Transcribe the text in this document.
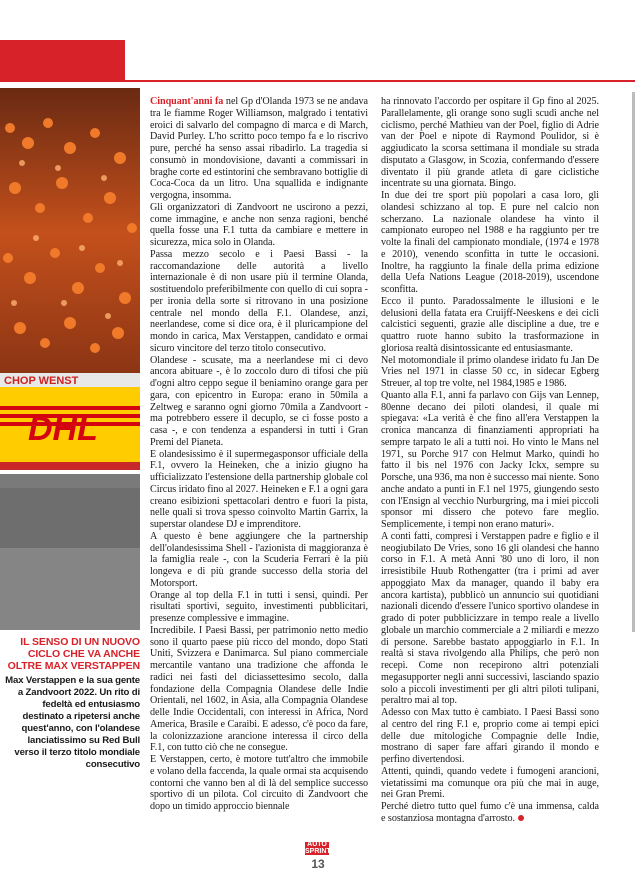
CHOP WENST
DHL
IL SENSO DI UN NUOVO CICLO CHE VA ANCHE OLTRE MAX VERSTAPPEN
Max Verstappen e la sua gente a Zandvoort 2022. Un rito di fedeltà ed entusiasmo destinato a ripetersi anche quest'anno, con l'olandese lanciatissimo su Red Bull verso il terzo titolo mondiale consecutivo

Cinquant'anni fa nel Gp d'Olanda 1973 se ne andava tra le fiamme Roger Williamson, malgrado i tentativi eroici di salvarlo del compagno di marca e di March, David Purley. L'ho scritto poco tempo fa e lo riscrivo pure, perché ha senso assai ribadirlo. La tragedia si consumò in mondovisione, davanti a commissari in braghe corte ed estintorini che sembravano bottiglie di Coca-Coca da un litro. Una squallida e indignante vergogna, insomma.

Gli organizzatori di Zandvoort ne uscirono a pezzi, come immagine, e anche non senza ragioni, benché quella fosse una F.1 tutta da cambiare e mettere in sicurezza, mica solo in Olanda.

Passa mezzo secolo e i Paesi Bassi - la raccomandazione delle autorità a livello internazionale è di non usare più il termine Olanda, sostituendolo preferibilmente con quello di cui sopra - per ironia della sorte si ritrovano in una posizione centrale nel mondo della F.1. Olandese, anzi, neerlandese, come si dice ora, è il pluricampione del mondo in carica, Max Verstappen, candidato e ormai sicuro vincitore del terzo titolo consecutivo.

Olandese - scusate, ma a neerlandese mi ci devo ancora abituare -, è lo zoccolo duro di tifosi che più d'ogni altro ceppo segue il beniamino orange gara per gara, con epicentro in Europa: erano in 50mila a Zeltweg e saranno ogni giorno 70mila a Zandvoort - ma potrebbero essere il decuplo, se ci fosse posto a casa -, e con tendenza a espandersi in tutti i Gran Premi del Pianeta.

E olandesissimo è il supermegasponsor ufficiale della F.1, ovvero la Heineken, che a inizio giugno ha ufficializzato l'estensione della partnership globale col Circus iridato fino al 2027. Heineken e F.1 a ogni gara creano esibizioni spettacolari dentro e fuori la pista, nelle quali si trova spesso coinvolto Martin Garrix, la superstar olandese DJ e imprenditore.

A questo è bene aggiungere che la partnership dell'olandesissima Shell - l'azionista di maggioranza è la famiglia reale -, con la Scuderia Ferrari è la più longeva e di più grande successo della storia del Motorsport.

Orange al top della F.1 in tutti i sensi, quindi. Per risultati sportivi, seguito, investimenti pubblicitari, presenze complessive e immagine.

Incredibile. I Paesi Bassi, per patrimonio netto medio sono il quarto paese più ricco del mondo, dopo Stati Uniti, Svizzera e Danimarca. Sul piano commerciale mercantile vantano una tradizione che affonda le radici nei fasti del diciassettesimo secolo, dalla fondazione della Compagnia Olandese delle Indie Orientali, nel 1602, in Asia, alla Compagnia Olandese delle Indie Occidentali, con interessi in Africa, Nord America, Brasile e Caraibi. E adesso, c'è poco da fare, la colonizzazione arancione interessa il circo della F.1, con tutto ciò che ne consegue.

E Verstappen, certo, è motore tutt'altro che immobile e volano della faccenda, la quale ormai sta acquisendo contorni che vanno ben al di là del semplice successo sportivo di un pilota. Col circuito di Zandvoort che dopo un timido approccio biennale

ha rinnovato l'accordo per ospitare il Gp fino al 2025. Parallelamente, gli orange sono sugli scudi anche nel ciclismo, perché Mathieu van der Poel, figlio di Adrie van der Poel e nipote di Raymond Poulidor, si è aggiudicato la scorsa settimana il mondiale su strada disputato a Glasgow, in Scozia, confermando d'essere diventato il più grande atleta di gare ciclistiche incentrate su una giornata. Bingo.

In due dei tre sport più popolari a casa loro, gli olandesi schizzano al top. E pure nel calcio non scherzano. La nazionale olandese ha vinto il campionato europeo nel 1988 e ha raggiunto per tre volte la finali del campionato mondiale, (1974 e 1978 e 2010), venendo sconfitta in tutte le occasioni. Inoltre, ha raggiunto la finale della prima edizione della Uefa Nations League (2018-2019), uscendone sconfitta.

Ecco il punto. Paradossalmente le illusioni e le delusioni della fatata era Cruijff-Neeskens e dei cicli calcistici seguenti, grazie alle discipline a due, tre e quattro ruote hanno subito la trasformazione in gloriosa realtà disintossicante ed entusiasmante.

Nel motomondiale il primo olandese iridato fu Jan De Vries nel 1971 in classe 50 cc, in sidecar Egberg Streuer, al top tre volte, nel 1984,1985 e 1986.

Quanto alla F.1, anni fa parlavo con Gijs van Lennep, 80enne decano dei piloti olandesi, il quale mi spiegava: «La verità è che fino all'era Verstappen la cronica mancanza di finanziamenti appropriati ha sempre tarpato le ali a tutti noi. Ho vinto le Mans nel 1971, su Porche 917 con Helmut Marko, quindi ho fatto il bis nel 1976 con Jacky Ickx, sempre su Porsche, una 936, ma non è successo mai niente. Sono anche andato a punti in F.1 nel 1975, giungendo sesto con l'Ensign al vecchio Nurburgring, ma i miei piccoli sponsor mi dissero che potevo fare meglio. Semplicemente, i tempi non erano maturi».

A conti fatti, compresi i Verstappen padre e figlio e il neogiubilato De Vries, sono 16 gli olandesi che hanno corso in F.1. A metà Anni '80 uno di loro, il non irresistibile Huub Rothengatter (tra i primi ad aver appoggiato Max da manager, quando il baby era ancora kartista), pubblicò un annuncio sui quotidiani nazionali dicendo d'essere l'unico sportivo olandese in grado di poter pubblicizzare in tempo reale a livello globale un marchio commerciale a 2 miliardi e mezzo di persone. Sarebbe bastato appoggiarlo in F.1. In realtà si stava rivolgendo alla Philips, che però non recepì. Come non recepirono altri potenziali megasupporter negli anni successivi, lasciando spazio solo a piccoli investimenti per gli altri piloti tulipani, peraltro mai al top.

Adesso con Max tutto è cambiato. I Paesi Bassi sono al centro del ring F.1 e, proprio come ai tempi epici delle due mitologiche Compagnie delle Indie, mostrano di saper fare affari girando il mondo e perfino divertendosi.

Attenti, quindi, quando vedete i fumogeni arancioni, vietatissimi ma comunque ora più che mai in auge, nei Gran Premi.

Perché dietro tutto quel fumo c'è una immensa, calda e sostanziosa montagna d'arrosto.

AUTO
SPRINT
13
